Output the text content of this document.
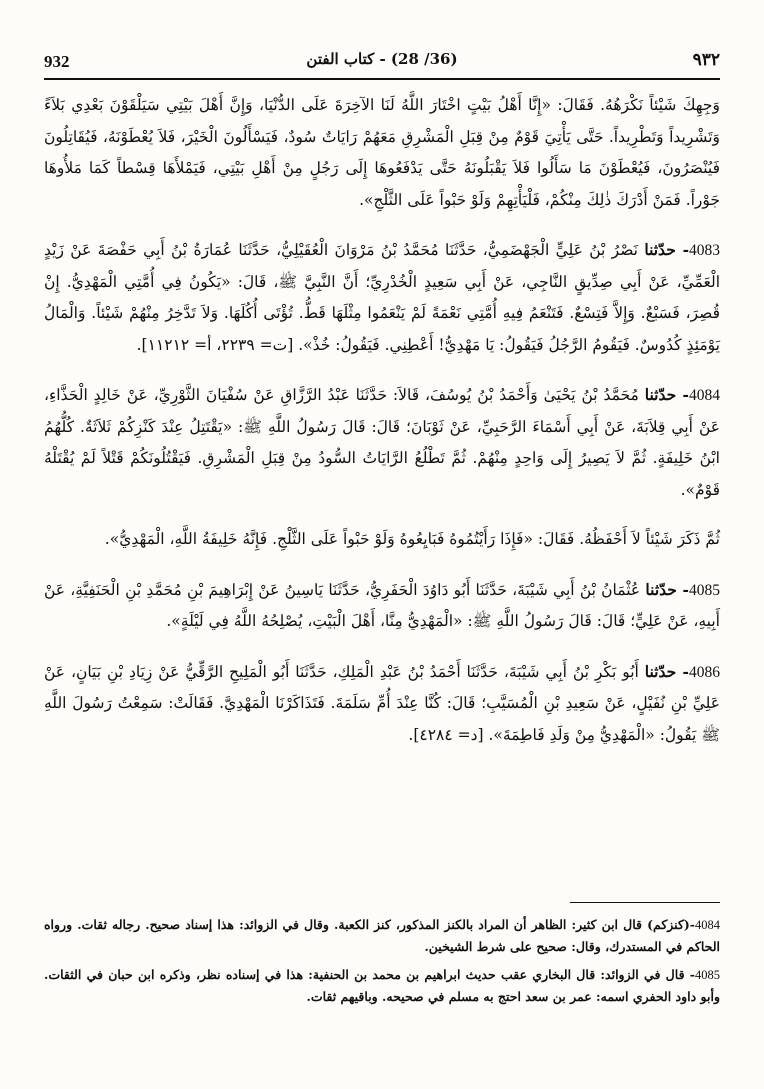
932	(36/ 28) - كتاب الفتن	٩٣٢

وَجِهِكَ شَيْئاً نَكْرَهُهُ. فَقَالَ: «إِنَّا أَهْلُ بَيْتٍ اخْتَارَ اللَّهُ لَنَا الآخِرَةَ عَلَى الدُّنْيَا، وَإِنَّ أَهْلَ بَيْتِي سَيَلْقَوْنَ بَعْدِي بَلاَءً وَتَشْرِيداً وَتَطْرِيداً. حَتَّى يَأْتِيَ قَوْمٌ مِنْ قِبَلِ الْمَشْرِقِ مَعَهُمْ رَايَاتٌ سُودٌ، فَيَسْأَلُونَ الْخَيْرَ، فَلاَ يُعْطَوْنَهُ، فَيُقَاتِلُونَ فَيُنْصَرُونَ، فَيُعْطَوْنَ مَا سَأَلُوا فَلاَ يَقْبَلُونَهُ حَتَّى يَدْفَعُوهَا إِلَى رَجُلٍ مِنْ أَهْلِ بَيْتِي، فَيَمْلأَهَا قِسْطاً كَمَا مَلأُوهَا جَوْراً. فَمَنْ أَدْرَكَ ذٰلِكَ مِنْكُمْ، فَلْيَأْتِهِمْ وَلَوْ حَبْواً عَلَى الثَّلْجِ».

4083- حدّثنا نَصْرُ بْنُ عَلِيٍّ الْجَهْضَمِيُّ، حَدَّثَنَا مُحَمَّدُ بْنُ مَرْوَانَ الْعُقَيْلِيُّ، حَدَّثَنَا عُمَارَةُ بْنُ أَبِي حَفْصَةَ عَنْ زَيْدٍ الْعَمِّيِّ، عَنْ أَبِي صِدِّيقٍ النَّاجِي، عَنْ أَبِي سَعِيدٍ الْخُدْرِيِّ؛ أَنَّ النَّبِيَّ ﷺ، قَالَ: «يَكُونُ فِي أُمَّتِي الْمَهْدِيُّ. إِنْ قُصِرَ، فَسَبْعٌ. وَإِلاَّ فَتِسْعٌ. فَتَنْعَمُ فِيهِ أُمَّتِي نَعْمَةً لَمْ يَنْعَمُوا مِثْلَهَا قَطُّ. تُؤْتَى أُكُلَهَا. وَلاَ تَدَّخِرُ مِنْهُمْ شَيْئاً. وَالْمَالُ يَوْمَئِذٍ كُدُوسٌ. فَيَقُومُ الرَّجُلُ فَيَقُولُ: يَا مَهْدِيُّ! أَعْطِنِي. فَيَقُولُ: خُذْ». [ت= ٢٢٣٩، أ= ١١٢١٢].

4084- حدّثنا مُحَمَّدُ بْنُ يَحْيَىٰ وَأَحْمَدُ بْنُ يُوسُفَ، قَالاَ: حَدَّثَنَا عَبْدُ الرَّزَّاقِ عَنْ سُفْيَانَ الثَّوْرِيِّ، عَنْ خَالِدٍ الْحَذَّاءِ، عَنْ أَبِي قِلاَبَةَ، عَنْ أَبِي أَسْمَاءَ الرَّحَبِيِّ، عَنْ ثَوْبَانَ؛ قَالَ: قَالَ رَسُولُ اللَّهِ ﷺ: «يَقْتَتِلُ عِنْدَ كَنْزِكُمْ ثَلاَثَةٌ. كُلُّهُمُ ابْنُ خَلِيفَةٍ. ثُمَّ لاَ يَصِيرُ إِلَى وَاحِدٍ مِنْهُمْ. ثُمَّ تَطْلُعُ الرَّايَاتُ السُّودُ مِنْ قِبَلِ الْمَشْرِقِ. فَيَقْتُلُونَكُمْ قَتْلاً لَمْ يُقْتَلْهُ قَوْمٌ».

ثُمَّ ذَكَرَ شَيْئاً لاَ أَحْفَظُهُ. فَقَالَ: «فَإِذَا رَأَيْتُمُوهُ فَبَايِعُوهُ وَلَوْ حَبْواً عَلَى الثَّلْجِ. فَإِنَّهُ خَلِيفَةُ اللَّهِ، الْمَهْدِيُّ».

4085- حدّثنا عُثْمَانُ بْنُ أَبِي شَيْبَةَ، حَدَّثَنَا أَبُو دَاوُدَ الْحَفَرِيُّ، حَدَّثَنَا يَاسِينُ عَنْ إِبْرَاهِيمَ بْنِ مُحَمَّدِ بْنِ الْحَنَفِيَّةِ، عَنْ أَبِيهِ، عَنْ عَلِيٍّ؛ قَالَ: قَالَ رَسُولُ اللَّهِ ﷺ: «الْمَهْدِيُّ مِنَّا، أَهْلَ الْبَيْتِ، يُصْلِحُهُ اللَّهُ فِي لَيْلَةٍ».

4086- حدّثنا أَبُو بَكْرِ بْنُ أَبِي شَيْبَةَ، حَدَّثَنَا أَحْمَدُ بْنُ عَبْدِ الْمَلِكِ، حَدَّثَنَا أَبُو الْمَلِيحِ الرَّقِّيُّ عَنْ زِيَادِ بْنِ بَيَانٍ، عَنْ عَلِيِّ بْنِ نُفَيْلٍ، عَنْ سَعِيدِ بْنِ الْمُسَيَّبِ؛ قَالَ: كُنَّا عِنْدَ أُمِّ سَلَمَةَ. فَتَذَاكَرْنَا الْمَهْدِيَّ. فَقَالَتْ: سَمِعْتُ رَسُولَ اللَّهِ ﷺ يَقُولُ: «الْمَهْدِيُّ مِنْ وَلَدِ فَاطِمَةَ». [د= ٤٢٨٤].

4084-(كنزكم) قال ابن كثير: الظاهر أن المراد بالكنز المذكور، كنز الكعبة. وقال في الزوائد: هذا إسناد صحيح. رجاله ثقات. ورواه الحاكم في المستدرك، وقال: صحيح على شرط الشيخين.

4085- قال في الزوائد: قال البخاري عقب حديث ابراهيم بن محمد بن الحنفية: هذا في إسناده نظر، وذكره ابن حبان في الثقات. وأبو داود الحفري اسمه: عمر بن سعد احتج به مسلم في صحيحه. وباقيهم ثقات.
